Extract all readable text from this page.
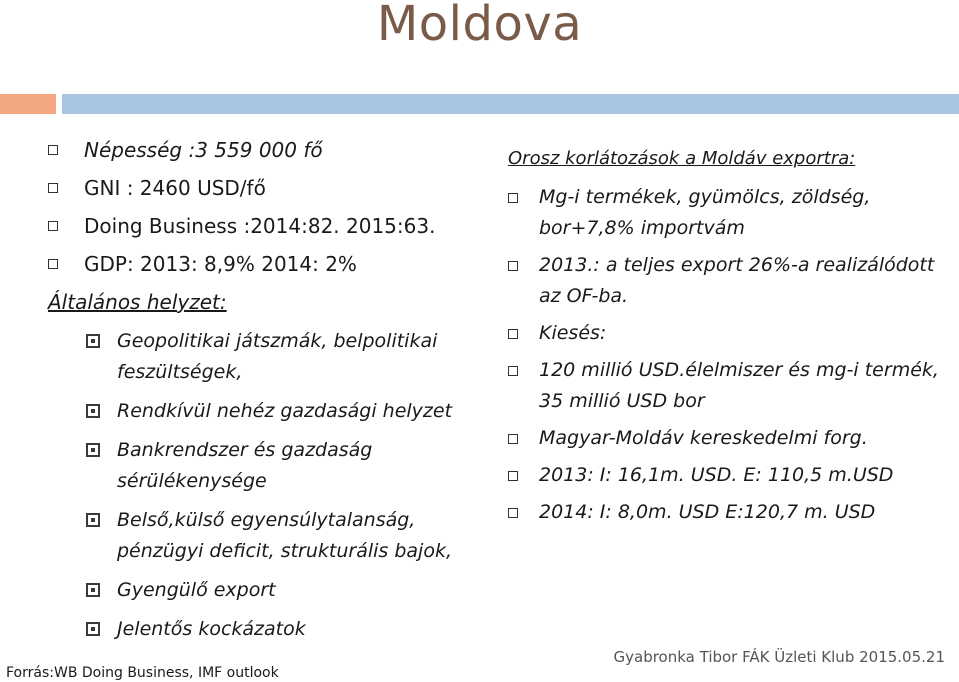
Moldova
Népesség :3 559 000 fő
GNI : 2460 USD/fő
Doing Business :2014:82. 2015:63.
GDP: 2013: 8,9% 2014: 2%
Általános helyzet:
Geopolitikai játszmák, belpolitikai feszültségek,
Rendkívül nehéz gazdasági helyzet
Bankrendszer és gazdaság sérülékenysége
Belső,külső egyensúlytalanság, pénzügyi deficit, strukturális bajok,
Gyengülő export
Jelentős kockázatok
Orosz korlátozások a Moldáv exportra:
Mg-i termékek, gyümölcs, zöldség, bor+7,8% importvám
2013.: a teljes export 26%-a realizálódott az OF-ba.
Kiesés:
120 millió USD.élelmiszer és mg-i termék, 35 millió USD bor
Magyar-Moldáv kereskedelmi forg.
2013: I: 16,1m. USD. E: 110,5 m.USD
2014: I: 8,0m. USD E:120,7 m. USD
Forrás:WB Doing Business, IMF outlook
Gyabronka Tibor FÁK Üzleti Klub 2015.05.21
